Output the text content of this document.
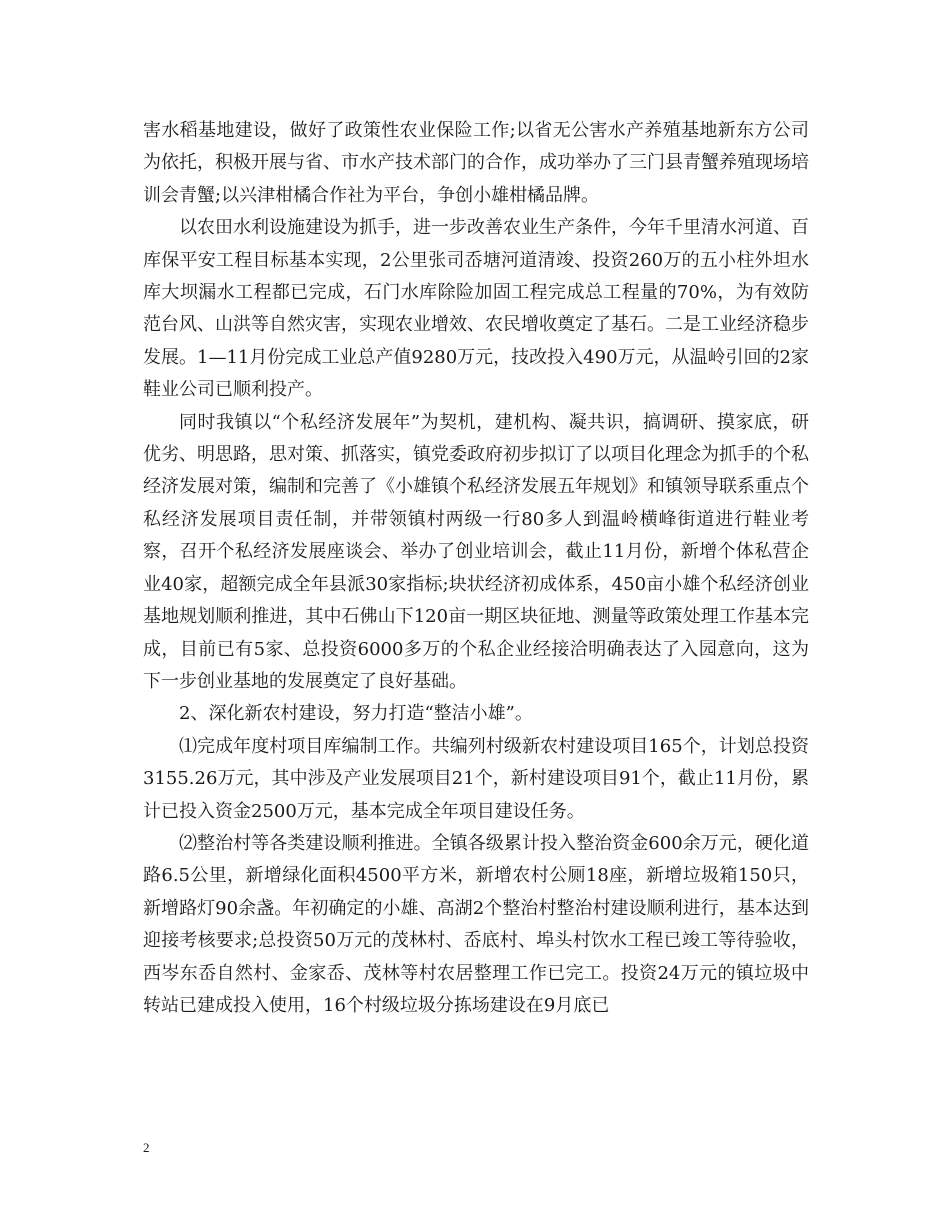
害水稻基地建设，做好了政策性农业保险工作;以省无公害水产养殖基地新东方公司为依托，积极开展与省、市水产技术部门的合作，成功举办了三门县青蟹养殖现场培训会青蟹;以兴津柑橘合作社为平台，争创小雄柑橘品牌。

以农田水利设施建设为抓手，进一步改善农业生产条件，今年千里清水河道、百库保平安工程目标基本实现，2公里张司岙塘河道清竣、投资260万的五小柱外坦水库大坝漏水工程都已完成，石门水库除险加固工程完成总工程量的70%，为有效防范台风、山洪等自然灾害，实现农业增效、农民增收奠定了基石。二是工业经济稳步发展。1—11月份完成工业总产值9280万元，技改投入490万元，从温岭引回的2家鞋业公司已顺利投产。

同时我镇以“个私经济发展年”为契机，建机构、凝共识，搞调研、摸家底，研优劣、明思路，思对策、抓落实，镇党委政府初步拟订了以项目化理念为抓手的个私经济发展对策，编制和完善了《小雄镇个私经济发展五年规划》和镇领导联系重点个私经济发展项目责任制，并带领镇村两级一行80多人到温岭横峰街道进行鞋业考察，召开个私经济发展座谈会、举办了创业培训会，截止11月份，新增个体私营企业40家，超额完成全年县派30家指标;块状经济初成体系，450亩小雄个私经济创业基地规划顺利推进，其中石佛山下120亩一期区块征地、测量等政策处理工作基本完成，目前已有5家、总投资6000多万的个私企业经接洽明确表达了入园意向，这为下一步创业基地的发展奠定了良好基础。

2、深化新农村建设，努力打造“整洁小雄”。

⑴完成年度村项目库编制工作。共编列村级新农村建设项目165个，计划总投资3155.26万元，其中涉及产业发展项目21个，新村建设项目91个，截止11月份，累计已投入资金2500万元，基本完成全年项目建设任务。

⑵整治村等各类建设顺利推进。全镇各级累计投入整治资金600余万元，硬化道路6.5公里，新增绿化面积4500平方米，新增农村公厕18座，新增垃圾箱150只，新增路灯90余盏。年初确定的小雄、高湖2个整治村整治村建设顺利进行，基本达到迎接考核要求;总投资50万元的茂林村、岙底村、埠头村饮水工程已竣工等待验收，西岑东岙自然村、金家岙、茂林等村农居整理工作已完工。投资24万元的镇垃圾中转站已建成投入使用，16个村级垃圾分拣场建设在9月底已

2
